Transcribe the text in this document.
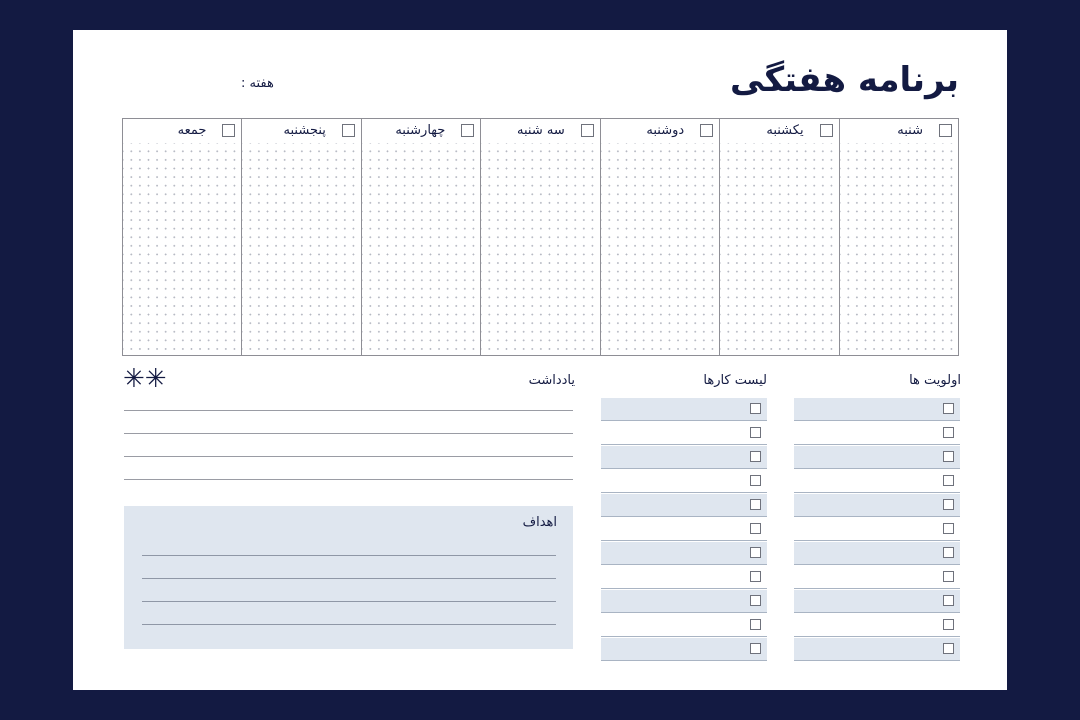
برنامه هفتگی
هفته :
شنبه
یکشنبه
دوشنبه
سه شنبه
چهارشنبه
پنجشنبه
جمعه
اولویت ها
لیست کارها
یادداشت
✳✳
اهداف
